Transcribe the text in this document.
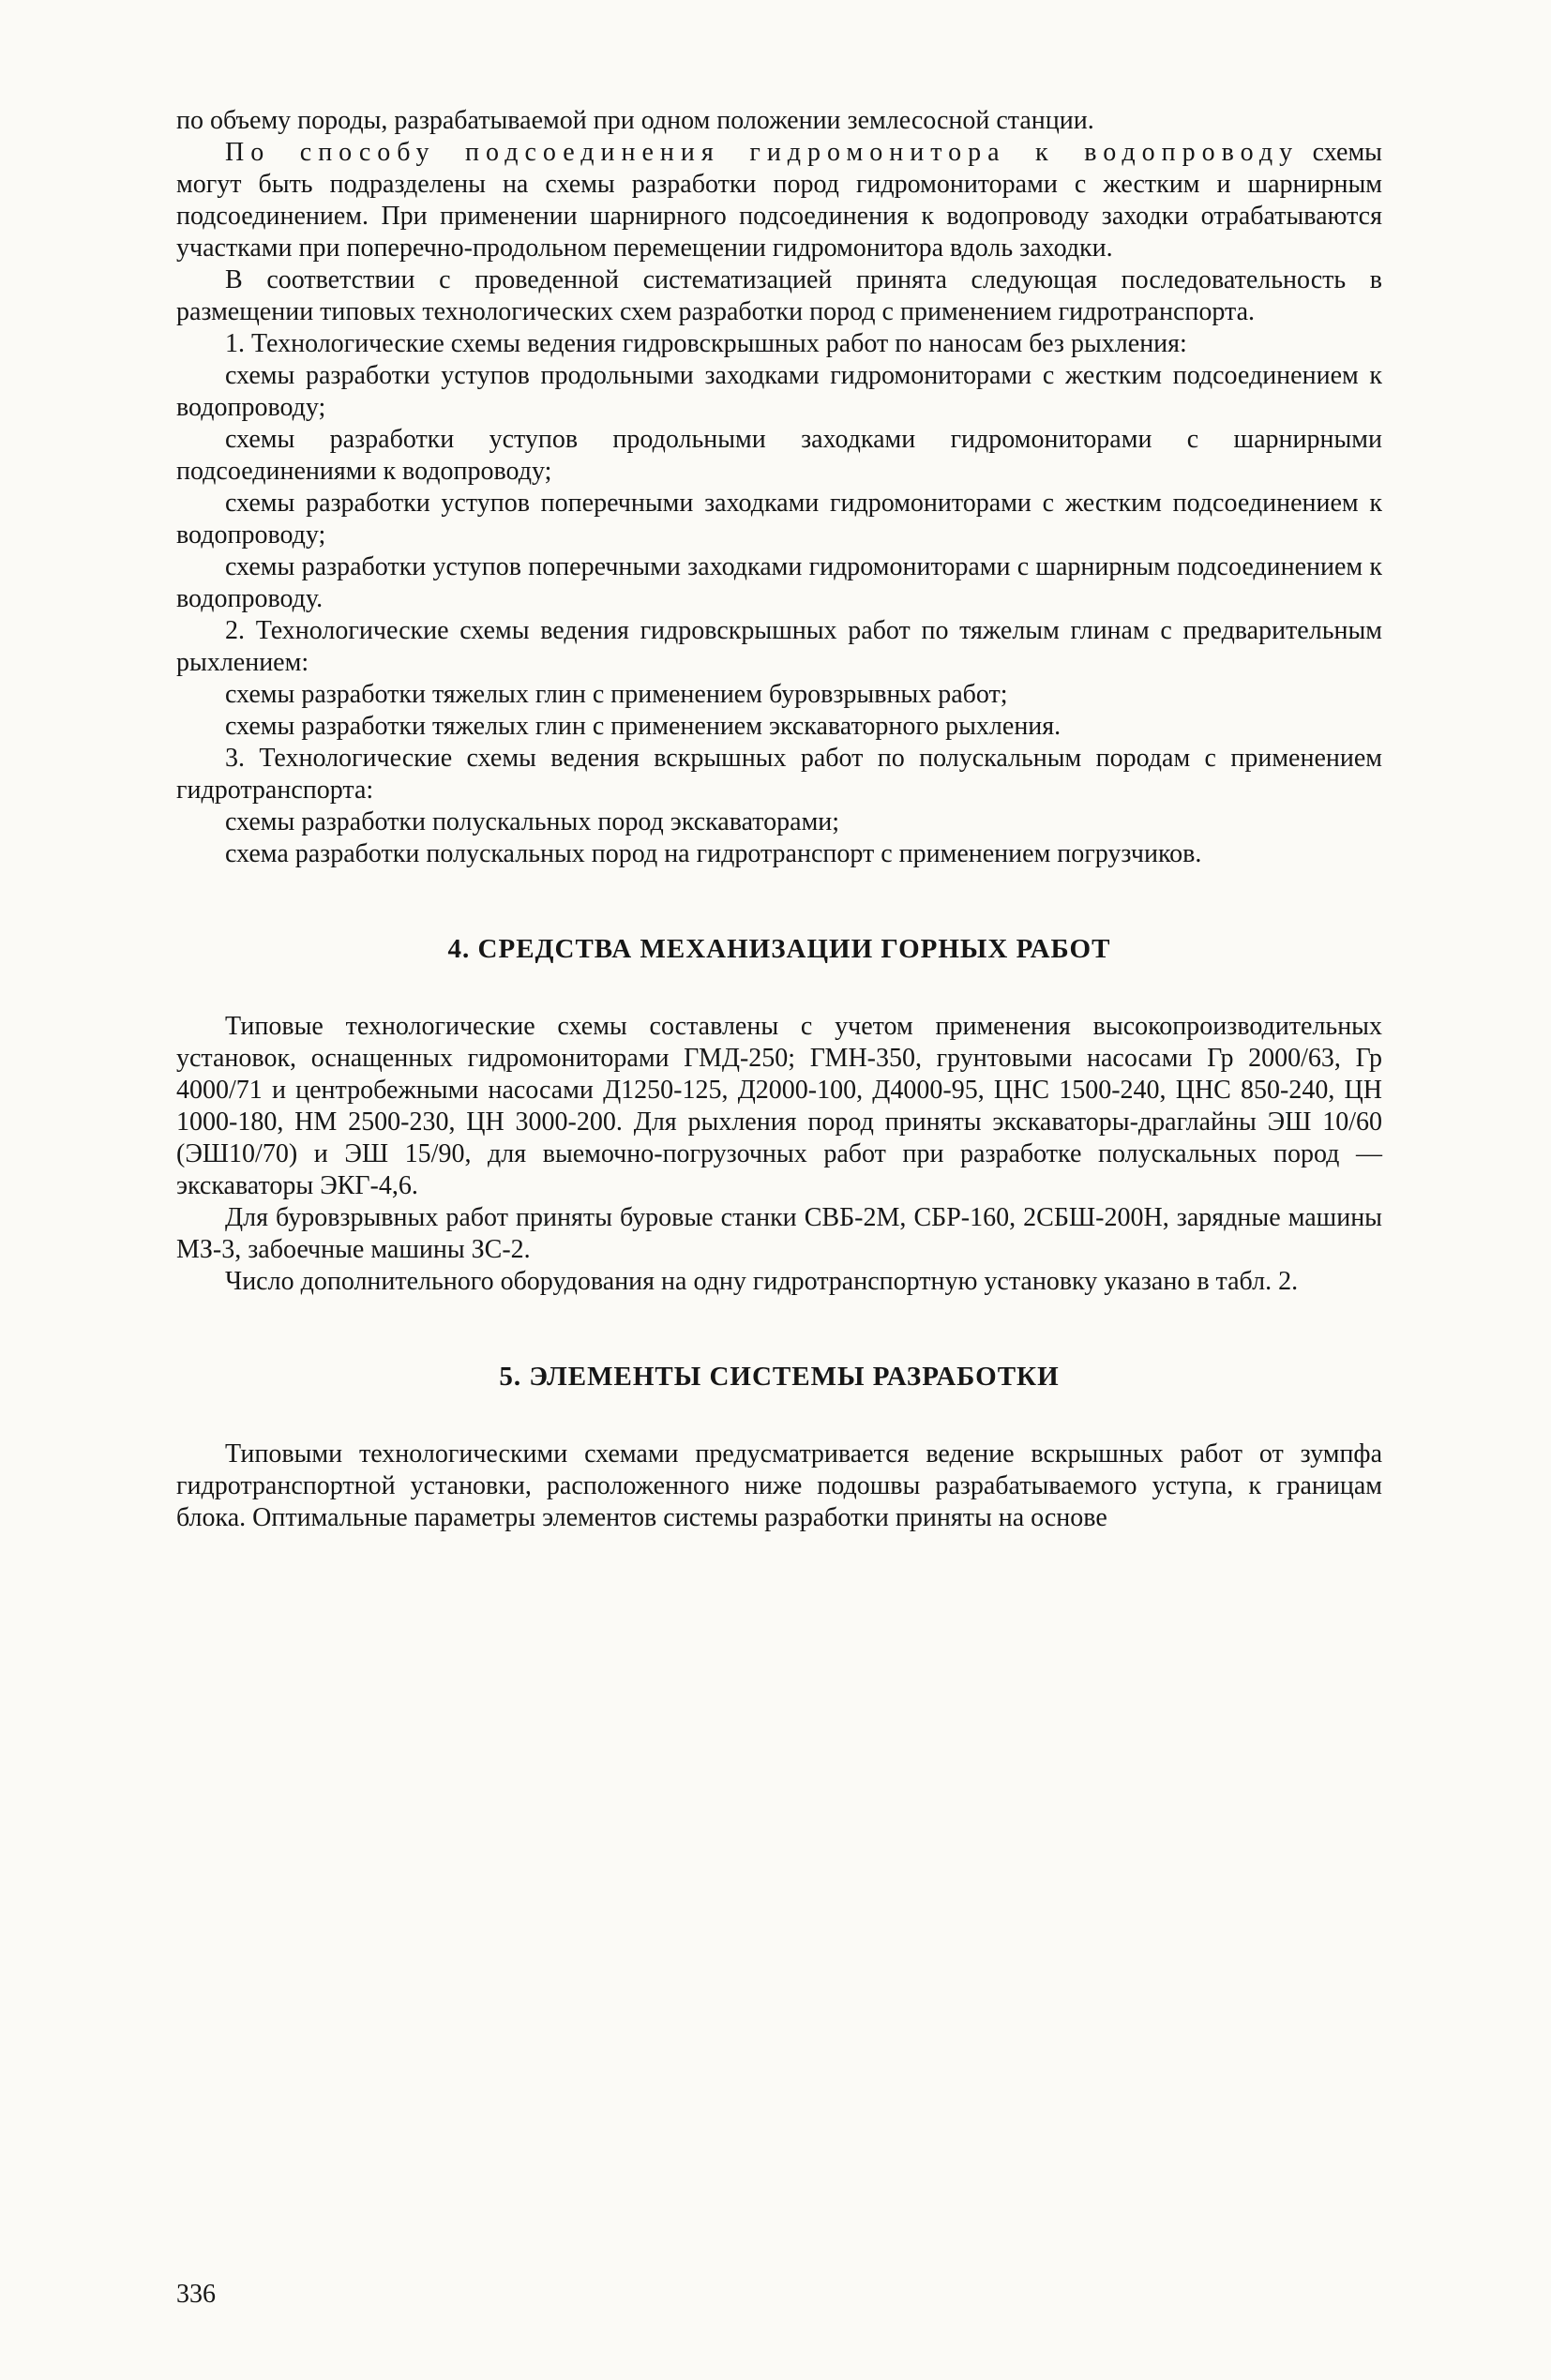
по объему породы, разрабатываемой при одном положении землесосной станции.

По способу подсоединения гидромонитора к водопроводу схемы могут быть подразделены на схемы разработки пород гидромониторами с жестким и шарнирным подсоединением. При применении шарнирного подсоединения к водопроводу заходки отрабатываются участками при поперечно-продольном перемещении гидромонитора вдоль заходки.

В соответствии с проведенной систематизацией принята следующая последовательность в размещении типовых технологических схем разработки пород с применением гидротранспорта.

1. Технологические схемы ведения гидровскрышных работ по наносам без рыхления:

схемы разработки уступов продольными заходками гидромониторами с жестким подсоединением к водопроводу;

схемы разработки уступов продольными заходками гидромониторами с шарнирными подсоединениями к водопроводу;

схемы разработки уступов поперечными заходками гидромониторами с жестким подсоединением к водопроводу;

схемы разработки уступов поперечными заходками гидромониторами с шарнирным подсоединением к водопроводу.

2. Технологические схемы ведения гидровскрышных работ по тяжелым глинам с предварительным рыхлением:

схемы разработки тяжелых глин с применением буровзрывных работ;

схемы разработки тяжелых глин с применением экскаваторного рыхления.

3. Технологические схемы ведения вскрышных работ по полускальным породам с применением гидротранспорта:

схемы разработки полускальных пород экскаваторами;

схема разработки полускальных пород на гидротранспорт с применением погрузчиков.

4. СРЕДСТВА МЕХАНИЗАЦИИ ГОРНЫХ РАБОТ

Типовые технологические схемы составлены с учетом применения высокопроизводительных установок, оснащенных гидромониторами ГМД-250; ГМН-350, грунтовыми насосами Гр 2000/63, Гр 4000/71 и центробежными насосами Д1250-125, Д2000-100, Д4000-95, ЦНС 1500-240, ЦНС 850-240, ЦН 1000-180, НМ 2500-230, ЦН 3000-200. Для рыхления пород приняты экскаваторы-драглайны ЭШ 10/60 (ЭШ10/70) и ЭШ 15/90, для выемочно-погрузочных работ при разработке полускальных пород — экскаваторы ЭКГ-4,6.

Для буровзрывных работ приняты буровые станки СВБ-2М, СБР-160, 2СБШ-200Н, зарядные машины МЗ-3, забоечные машины ЗС-2.

Число дополнительного оборудования на одну гидротранспортную установку указано в табл. 2.

5. ЭЛЕМЕНТЫ СИСТЕМЫ РАЗРАБОТКИ

Типовыми технологическими схемами предусматривается ведение вскрышных работ от зумпфа гидротранспортной установки, расположенного ниже подошвы разрабатываемого уступа, к границам блока. Оптимальные параметры элементов системы разработки приняты на основе

336
